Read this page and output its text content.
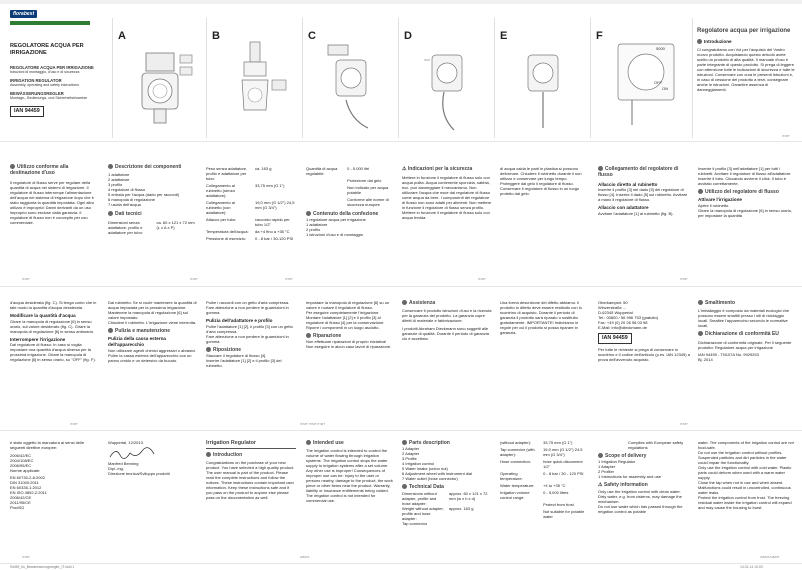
florabest
REGOLATORE ACQUA PER
IRRIGAZIONE
REGOLATORE ACQUA PER IRRIGAZIONE
Istruzioni di montaggio, d'uso e di sicurezza
IRRIGATION REGULATOR
Assembly, operating and safety instructions
BEWÄSSERUNGSREGLER
Montage-, Bedienungs- und Sicherheitshinweise
IAN 94459
A	B	C	D	E	F
5000
OFF
ON
Regolatore acqua per irrigazione
Introduzione
Ci congratuliamo con Voi per l'acquisto del Vostro nuovo prodotto. Acquistando questo articolo avete scelto un prodotto di alta qualità. Il manuale d'uso è parte integrante di questo prodotto. Si prega di leggere con attenzione tutte le indicazioni di sicurezza e tutte le istruzioni. Conservare con cura le presenti istruzioni e, in caso di cessione del prodotto a terzi, consegnare anche le istruzioni. Garantire assenza di danneggiamenti.
IT/MT
Utilizzo conforme alla destinazione d'uso
Il regolatore di flusso serve per regolare della quantità di acqua nei sistemi di irrigazione. Il regolatore di flusso interrompe l'alimentazione dell'acqua nel sistema di irrigazione dopo che è stato raggiunta la quantità impostata. Ogni altro utilizzo è improprio! Danni derivanti da un uso improprio sono escluse dalla garanzia. Il regolatore di flusso non è concepito per uso commerciale.
Descrizione dei componenti
1 adattatore
2 adattatore
3 profilo
4 regolatore di flusso
5 entrata per l'acqua (dado per raccordi)
6 manopola di regolazione
7 uscita dell'acqua
Dati tecnici
Dimensioni senza adattatore, profilo e adattatore per tubo:
ca. 60 x 121 x 72 mm (L x A x P)
Peso senza adattatore, profilo e adattatore per tubo:
ca. 163 g
Collegamento al rubinetto (senza adattatore):
33,75 mm (G 1")
Collegamento al rubinetto (con adattatore):
19,0 mm (G 1/2") 24,5 mm (G 3/4")
Attacco per tubo:	raccordo rapido per tubo 1/2"
Temperatura dell'acqua:	da +4 fino a +35 °C
Pressione di esercizio:	0 - 8 bar / 30-120 PSI
Quantità di acqua regolabile:
0 - 5.000 litri
Protezione dal gelo
Non indicato per acqua potabile
Conforme alle norme di sicurezza europee
Contenuto della confezione
1 regolatore acqua per irrigazione
1 adattatore
2 profilo
1 istruzioni d'uso e di montaggio
⚠ Indicazioni per la sicurezza
Mettere in funzione il regolatore di flusso solo con acqua pulita. Acqua contenente sporcizia, sabbia, ecc. può danneggiare il meccanismo. Non utilizzare l'acqua che esce dal regolatore di flusso come acqua da bere. I componenti del regolatore di flusso non sono adatti per alimenti. Non mettere in funzione il regolatore di flusso senza profilo. Mettere in funzione il regolatore di flusso solo con acqua fredda.
di acqua calda le parti in plastica si possono deformare. Chiudere il rubinetto durante il non utilizzo e conservare per lungo tempo. Proteggere dal gelo il regolatore di flusso. Conservare il regolatore di flusso in un luogo protetto dal gelo.
Collegamento del regolatore di flusso
Allaccio diretto al rubinetto
Inserire il profilo [3] nel dado [5] del regolatore di flusso [4]. Inserire il dado [5] sul rubinetto. Avvitare a mano il regolatore di flusso.
Allaccio con adattatore
Avvitare l'adattatore [1] al rubinetto (fig. B).
Inserire il profilo [3] nell'adattatore [1] per tutti i rubinetti. Avvitare il regolatore di flusso all'adattatore. Inserire il tubo. Cliccando avviene il click. Il tubo è avvitato correttamente.
Utilizzo del regolatore di flusso
Attivare l'irrigazione
Aprire il rubinetto.
Girare la manopola di regolazione [6] in senso orario, per impostare la quantità
IT/MT	IT/MT	IT/MT	IT/MT	IT/MT
d'acqua desiderata (fig. C). Si tenga conto che in tale modo la quantità d'acqua desiderata.
Modificare la quantità d'acqua
Girare la manopola di regolazione [6] in senso orario, sul valore desiderato (fig. C). Girare la manopola di regolazione [6] in senso antiorario.
Interrompere l'irrigazione
Dal regolatore di flusso: In caso si voglia impostare una quantità d'acqua diversa per la prossima irrigazione. Girare la manopola di regolazione [6] in senso orario, su "OFF" (fig. F).
Dal rubinetto: Se si vuole mantenere la quantità di acqua impostata per la prossima irrigazione.
Mantenere la manopola di regolazione [6] sul valore impostato.
Chiudere il rubinetto. L'irrigazione viene interrotta.
Pulizia e manutenzione
Pulizia della cassa esterna dell'apparecchio
Non utilizzare agenti chimici aggressivi o abrasivi.
Pulire la cassa esterna dell'apparecchio con un panno umido e un detersivo da bucato.
Pulire i raccordi con un getto d'aria compressa.
Fare attenzione a non perdere le guarnizioni in gomma.
Pulizia dell'adattatore e profilo
Pulire l'adattatore [1] [2], il profilo [3] con un getto d'aria compressa.
Fare attenzione a non perdere le guarnizioni in gomma.
Riposizione
Staccare il regolatore di flusso [4].
Inserire l'adattatore [1] [2] e il profilo [3] del rubinetto.
Impostare la manopola di regolazione [6] su un valore e ruotare il regolatore di flusso.
Per eseguire completamente l'irrigazione.
Montare l'adattatore [1] [2] e il profilo [3] al regolatore di flusso [4] per la conservazione.
Riporre i componenti in un luogo asciutto.
Riparazione
Non effettuare riparazioni di proprio iniziativa!
Non eseguire in alcun caso lavori di riparazione.
Assistenza
Conservare il prodotto istruzioni d'uso e la ricevuta per la garanzia del prodotto. La garanzia copre difetti di materiale e fabbricazione.
I prodotti Abraham Dieckmann sono soggetti alle garanzie di qualità. Durante il periodo di garanzia ciò è accettato.
Una forma descrizione del difetto abbiamo. Il prodotto in difetto deve essere restituito con lo scontrino di acquisto. Durante il periodo di garanzia il prodotto sarà riparato o sostituito gratuitamente. IMPORTANTE! Indichiamo le regole per cui il prodotto si possa riparare in garanzia.
Oberkampstr. 50
Winzerstraße ...
D-62345 Wuppertal
Tel.: 00800 / 56 996 753 (gratuito)
Fax: +49 (0) 20 26 98 03 98
E-Mail: info@dieckmann.de
IAN 94459
Per tutte le richieste si prega di conservare lo scontrino e il codice dell'articolo (p.es. IAN 12345) a prova dell'avvenuto acquisto.
Smaltimento
L'imballaggio è composto da materiali ecologici che possono essere smaltiti presso i siti di riciclaggio locali. Smaltire l'apparecchio secondo le normative locali.
Dichiarazione di conformità EU
Dichiarazione di conformità originale. Per il seguente prodotto: Regolatore acqua per irrigazione
IAN 94459 - TN107A No. 9929253
Bj. 2014
IT/MT	IT/MT IT/MT IT/MT	IT/MT
è stato oggetto la marcatura ai sensi delle seguenti direttive europee:
2006/42/EC
2004/108/EC
2006/95/EC
Norme applicate:
EN 60730-2-8:2002
DIN 31000:2011
EN 60335-1:2012
EN ISO 4892-2:2011
2006/42/CE
2011/95/CE
ProdSG
Wuppertal, 12/2013
Manfred Benning
Dipl.-Ing.
Direzione tecnica/Sviluppo prodotti
Irrigation Regulator
Introduction
Congratulations on the purchase of your new product. You have selected a high quality product. The user manual is part of the product. Please read the complete instructions and follow the notices. These instructions contain important user information. Keep these instructions safe and if you pass on the product to anyone else please pass on the documentation as well.
Intended use
The irrigation control is intended to control the volume of water flowing through irrigation systems. The irrigation control stops the water supply to irrigation systems after a set volume. Any other use is improper! Consequences of improper use can be: injury to the user or persons nearby, damage to the product, the work piece or other items near the product. Warranty, liability or insurance entitlements being voided. The irrigation control is not intended for commercial use.
Parts description
1 Adapter
2 Adapter
3 Profile
4 Irrigation control
5 Water intake (union nut)
6 Adjustment wheel with instrument dial
7 Water outlet (hose connector)
Technical Data
Dimensions without adapter, profile and hose adapter:
approx. 60 x 121 x 72 mm (w x h x d)
Weight without adapter, profile and hose adapter:
approx. 163 g
Tap connector
(without adapter):	33.75 mm (G 1")
Tap connector (with adapter):
19.0 mm (G 1/2") 24.5 mm (G 3/4")
Hose connection:	hose quick-disconnect 1/2"
Operating temperature:
0 - 8 bar / 30 - 120 PSI
Water temperature:	+4 to +35 °C
Irrigation volume control range:
0 - 5,000 litres
Protect from frost
Not suitable for potable water
Complies with European safety regulations
Scope of delivery
1 Irrigation Regulator
1 Adapter
2 Profiler
1 Instructions for assembly and use
⚠ Safety information
Only use the irrigation control with clean water. Dirty water, e.g. from cisterns, may damage the mechanism.
Do not use water which has passed through the irrigation control as potable
water. The components of the irrigation control are not food-safe.
Do not use the irrigation control without profiles. Suspended particles and dirt particles in the water could impair the functionality.
Only use the irrigation control with cold water. Plastic parts could deform when used with a warm water supply.
Close the tap when not in use and when absent. Malfunctions could result in uncontrolled, continuous water leaks.
Protect the irrigation control from frost. The freezing residual water inside the irrigation control will expand and may cause the housing to burst.
IT/MT	GB/MT	GB/MT/GB/MT
94459_flo_Bewaesserungsregler_IT.indd 1	14.01.14 10:03
